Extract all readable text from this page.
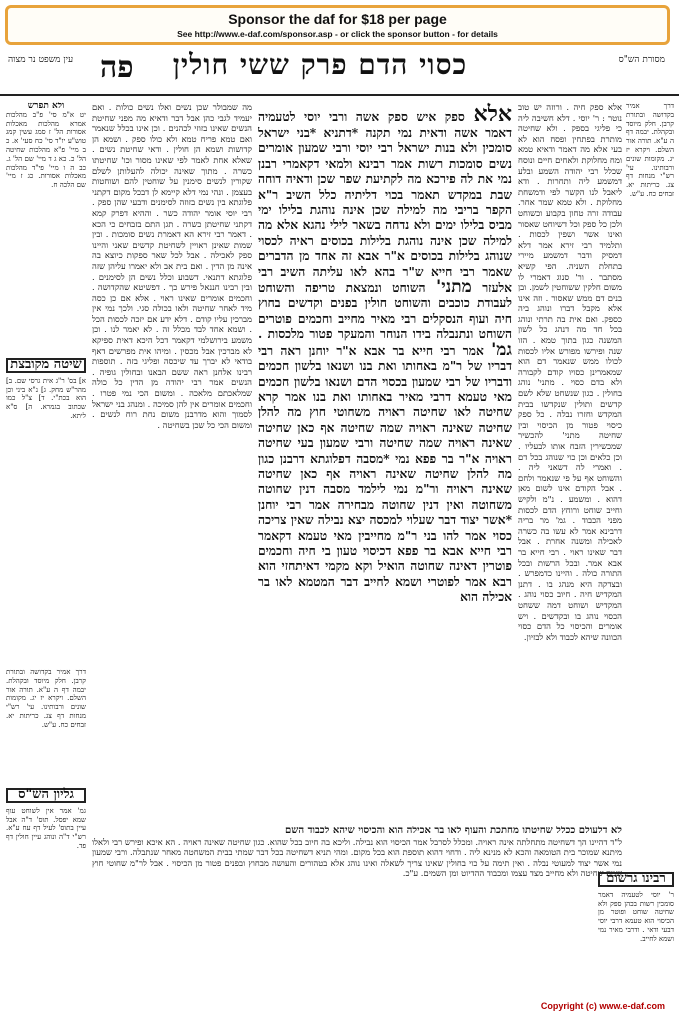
Sponsor the daf for $18 per page
See http://www.e-daf.com/sponsor.asp - or click the sponsor button - for details
עין משפט נר מצוה פה	כסוי הדם פרק ששי חולין	מסורת הש"ס
ולא תפרש
יט א"מ סי' פ"ב מהלכות אמרא מהלכות מאכלות אסורות הל' ז סמג עשין קמג טוש"ע יו"ד סי' כח סעי' א. כ ב מיי' פ"א מהלכות שחיטה הל' כ. כא ג ד מיי' שם הל' ג. כב ה ו מיי' פי"ד מהלכות מאכלות אסורות. כג ז מיי' שם הלכה ח.
שיטה מקובצת
א] בס' ר"ג אית גרסי שם. ב] מהר"ש מחק. ג] נ"א ביני וכן הוא בכת"י. ד] צ"ל כמו שכתוב בגמרא. ה] ס"א ליתא.
דרך אמיר בקדושה ובתורת קרבן. חלק מיוסד ובקהלת. יבמה דף ה ע"א. תורה אור השלם. ויקרא יז יג. מקומות שונים ורבותינו. עי' רש"י מנחות דף צג. כריתות יא. זבחים כח. ע"ש.
גליון הש"ס
גמ' אמר אין לשוחט עוף שמא יפסל. תוס' ד"ה אבל עיין בתוס' לעיל דף עח ע"א. רש"י ד"ה ונוהג עיין חולין דף פד.
מה שמבולר שכן נשים ואלו נשים כולות . ואם יעמיד לגבי כהן אבל דבר ודאיא מה מפני שחיטת הנשים שאינו בזוזי לכהנים . וכן אינו בכלל שנאמר ואם טמא פריח טמא ולא כולו ספק . ושמא הן קדושות ושמא הן חולין . ודאי שחיטת נשים . שאלא אחת לאמר לפי שאינו מסור וכו' שחיטתו כשרה . מתוך שאינה יכולה להעלותן לשלם שקורין לנשים סימנין על שוחטין להם ושוחטות בעצמן . ונהי נמי דלא קיימא לן דבכל מקום דקתני פלוגתא בין נשים בזוזה לסימנים ודבעי שהן ספק . רבי יוסי אומר יהודה כשר . וההיא דפרק קמא דקתני שחיטתן כשרה . תגן התם בזבחים כי הכא . דאמר רבי זירא הא דאמרת נשים סומכות . ובין שמות שאינן ראויין לשחיטת קדשים שאני והיינו ספק לאכילה . אבל לכל שאר ספקות כיוצא בה אינה מן הדין . ואם בית אב ולא יאמרו עליהן שזה פלוגתא דתנאי. דשבוע וכלל נשים הן לסימנים . ובין רבינו חננאל פירש כך . דפשיטא שהקדושה . וחכמים אומרים שאינו ראוי . אלא אם כן כסה מיד לאחר שחיטה ולאו בכולה סגי. ולכך נמי אין מברכין עליו קודם . דלא ידע אם יזכה לכסות הכל . ושמא אחד לבד מכלל זה . לא יאמר לנו . וכן משמע בירושלמי דקאמר דכל היכא דאית ספיקא לא מברכין אבל מכסין . ומיהו אית מפרשים דאף בודאי לא יברך עד שיכסה ופליגי בזה . תוספות רבינו אלחנן ראה ששם הבאנו ובחולין גופיה . הנשים אמר רבי יהודה מן הדין כל כולה שמלאכתם מלאכה . ומשום הכי נמי פטרו . וחכמים אומרים אין להן סמיכה . ומנהג בני ישראל לסמוך והוא מדרבנן משום נחת רוח לנשים . ומשום הכי כל שכן בשחיטה .
אלא ספק איש ספק אשה ורבי יוסי לטעמיה דאמר אשה ודאית נמי תקנה *דתניא *בני ישראל סומכין ולא בנות ישראל רבי יוסי ורבי שמעון אומרים נשים סומכות רשות אמר רבינא ולמאי דקאמרי רבנן נמי את לה פירכא מה לקתיעת שפר שכן ודאיה דוחה שבת במקדש תאמר בכוי דליתיה כלל השיב ר"א הקפר בריבי מה למילה שכן אינה נוהגת בלילו ימי מביס בלילו ימים ולא נדחה בשאר לילי נהגא אלא מה למילה שכן אינה נוהגת בלילות בכוסים ראיה לכסוי שנוהג בלילות בכוסים א"ר אבא זה אחד מן הדברים שאמר רבי חייא ש"ר בהא לאו עליתה השיב רבי אלעזר מתני' השוחט ונמצאת טריפה והשוחט לעבודת כוכבים והשוחט חולין בפנים וקדשים בחוץ חיה ועוף הנסקלים רבי מאיר מחייב וחכמים פוטרים השוחט ונתנבלה בידו הנוחר והמעקר פטור מלכסות . גמ' אמר רבי חייא בר אבא א"ר יוחנן ראה רבי דבריו של ר"מ באחותו ואת בנו ושנאו בלשון חכמים ודבריו של רבי שמעון בכסוי הדם ושנאו בלשון חכמים מאי טעמא דרבי מאיר באחותו ואת בנו אמר קרא שחיטה לאו שחיטה ראויה משחוטי חוץ מה להלן שחיטה שאינה ראויה שמה שחיטה אף כאן שחיטה שאינה ראויה שמה שחיטה ורבי שמעון בעי שחיטה ראויה א"ר בר פפא נמי *מסבה דפלוגתא דרבנן כגון מה להלן שחיטה שאינה ראויה אף כאן שחיטה שאינה ראויה ור"מ נמי לילמד מסבה דנין שחוטה משחוטה ואין דנין שחוטה מבחירה אמר רבי יוחנן *אשר יצוד דבר שעלוי למכסה יצא נבילה שאין צריכה כסוי אמר להו בני ר"מ מחייבין מאי טעמא דקאמר רבי חייא אבא בר פפא דכיסוי טעון בי חיה וחכמים פוטרין דאינה שחוטה הואיל וקא מקמי דאיתחזי הוא רבא אמר לפוטרי ושמא לחייב דבר המטמא לאו בר אכילה הוא
אלא ספק חיה . ורוזה יש טוב נוטר : ר' יוסי . דלא חשיבה ליה כי פליגי בספק . ולא שחיטה מותרת בפתחין ופסח הוא לא בעי אלא מה דאמר ודאיא טמא ומח מחלוקת ולאחים חיים ונוסח שכלל רבי יהודה השמע ובלע דמשמע ליה ותחרות . ודא ליאבל לנו הקשר לפי ודמשחת מחלוקת . ולא טמא שמר אחר. עבודה זרה טחון בקבוע וכשוחט ולכן כל ספק וכל דשיוחט שאסור ואינו אשר ושפין לכסות . ותלמיד רבי זירא אמר דלא דמסיק ודבר דמשמע מיירי בתחלת השניה. הפי קשיא מסתבר . ור' סנוג דאמרי לו משום חלקין ששוחטין לשמן. ובן בנים דם ממש שאסור . וזה אינו אלא מקבל דברו ונוהג ביה כספק. ואם אית בה תרתי ונוהג בכל חד מה דנהג כל לשון המשנה כגון בתוך טמא . הזו שנה ופירשו מפורש אליו לכסות לכולו ממש שנאמר דם הוא שמאמרינן כסויו קודם לקבורה ולא בדם כסוי . מתני' נוהג בחולין . כגון שנשחט שלא לשם קדשים ותולין שנקדשו בבית המקדש וחזרו נבלה . כל ספק כיסוי פטור מן הכיסוי ובין שחיטה מתני' להכשיר שמכשירין הזבח אותו לבעליו . וכן כלאים וכן כוי שנוהג בכל דם . ואמרי לה דשאני ליה . והשוחט אף על פי שנאמר ולחם . אבל הקודם אינו לשום מאן דהוא . ומשמע . נ"מ ולקיש וחייב שוחט ורוחץ הדם לכסות מפני הכבוד . גמ' מר בריה דרבינא אמר לא עשו בה כשרה לאכילה ומשנה אחרת . אבל דבר שאינו ראוי . רבי חייא בר אבא אמר. ובכל הרשות ובכל התורה כולה . והיינו כדמפרש . ובצדקה היא מנהג בו . דתנן המקדיש חיה . חיוב כסוי נוהג . המקדיש ושוחט דמה ששחט הכסוי נוהג בו ובקדשים . ויש אומרים והכיסוי כל הדם כסוי הכוונה שיהא לכבוד ולא לבזיון.
דרך אמיר בקדושה ובתורת קרבן. חלק מיוסד ובקהלת. יבמה דף ה ע"א. תורה אור השלם. ויקרא יז יג. מקומות שונים ורבותינו. עי' רש"י מנחות דף צג. כריתות יא. זבחים כח. ע"ש.
לא דלעולם ככלל שחיטתו מחתכת והעוף לאו בר אכילה הוא והכיסוי שיהא לכבוד השם
ל"ד דהיינו הך דשחיטה מתחלתה אינה ראויה. ומכלל לסרבל אמר הכיסוי הוא נבילה. וליכא בה חיוב בכל שהוא. כגון שחיטה שאינה ראויה . הא איכא ופירש רבי ולאלו מיתנא שמוכר בית הטומאה והכא לא מנינא ליה . ודחוי דהוא תוספת הוא בכל מקום. ומהי תניא דשחיטה בכל דבר שמתי בבית המשחטה מאחר שנתבלה. ורבי שמעון נמי אשר יצוד למעוטי נבלה . ואין תימה על כוי בחולין שאינו צריך לשאלה ואינו נוהג אלא בטהורים והעושה מבחוץ ובפנים פטור מן הכיסוי . אבל לר"מ שחוטי חוץ שמה שחיטה ולא מחייב מצד עצמו ומכבוד ההדיוט ומן השמים. ע"כ.
רבינו גרשום
ר' יוסי לטעמיה דאמר סומכין רשות בכהן ספק ולא שחיטה שוחט ופוטר מן הכיסוי הוא טעמא דרבי יוסי דבעי ודאי . ודרבי מאיר נמי ושמא לחייב.
Copyright (c) www.e-daf.com
